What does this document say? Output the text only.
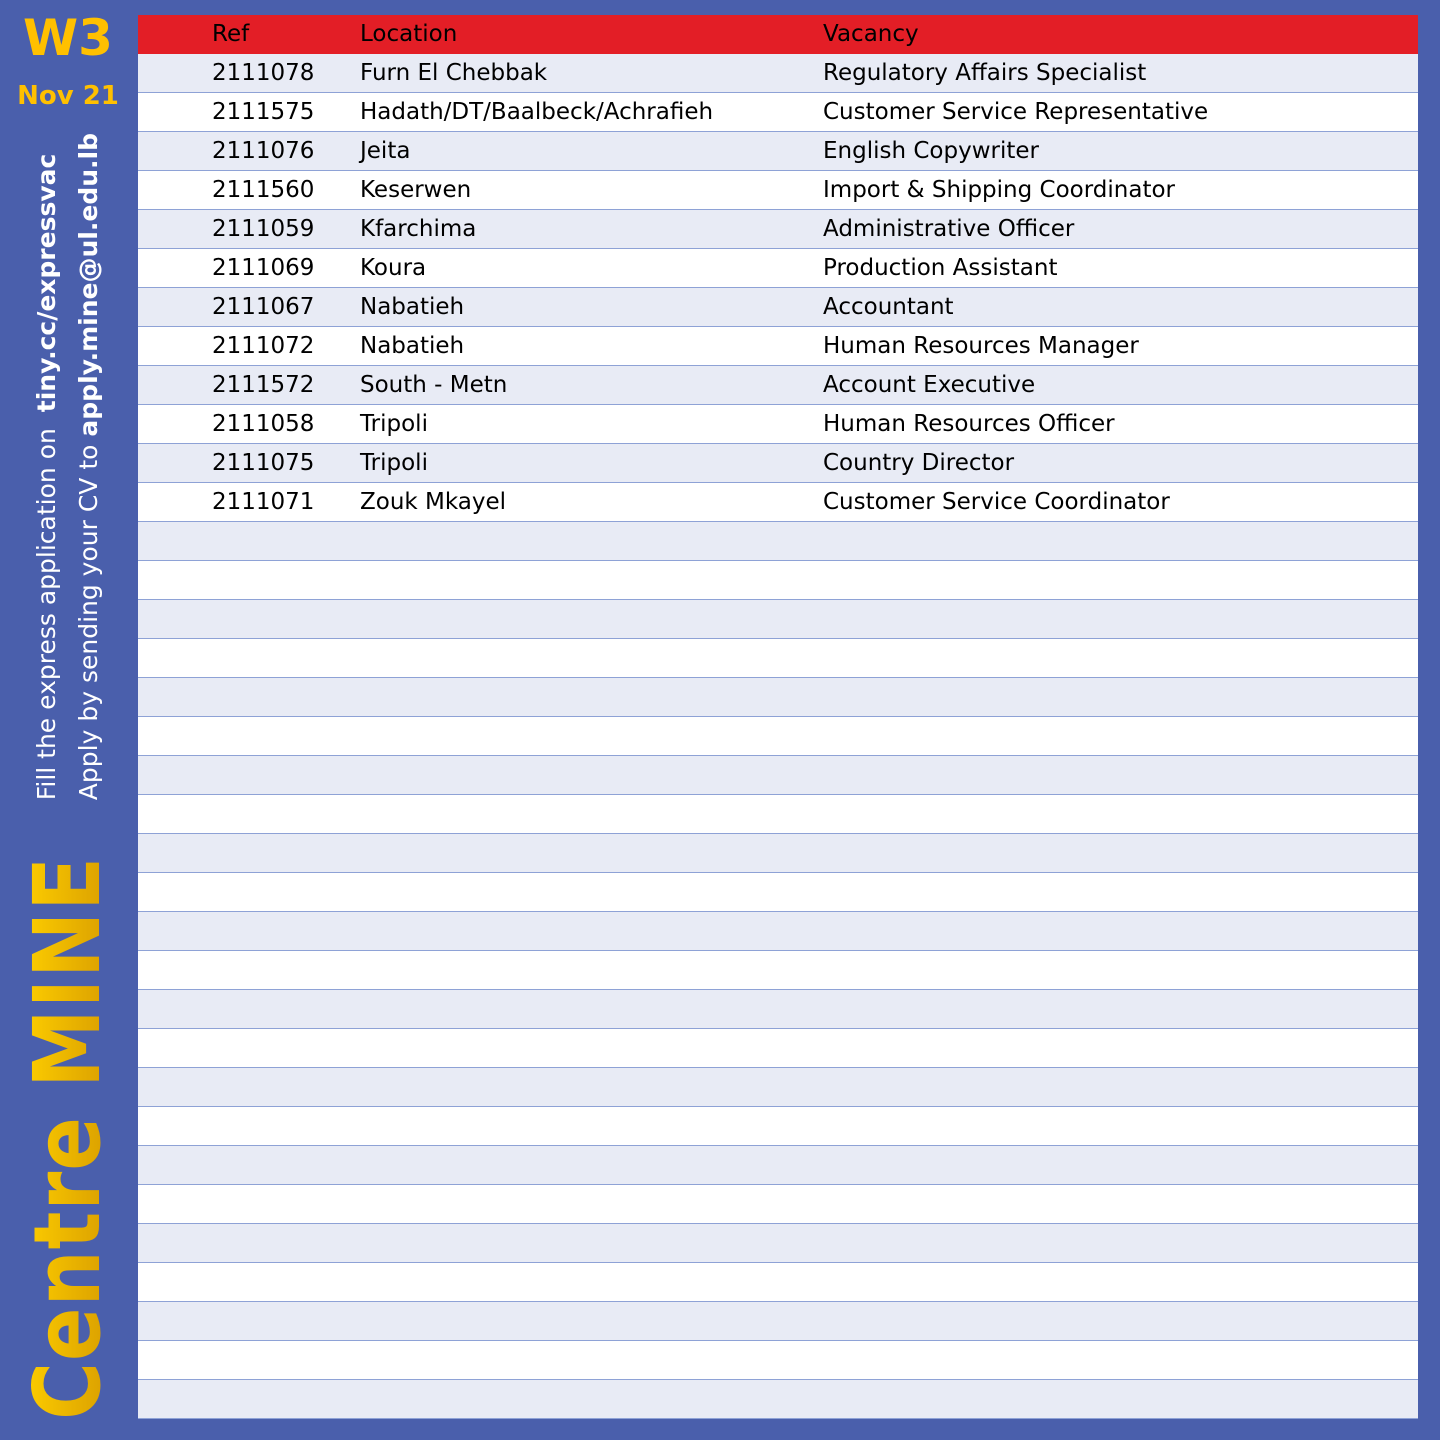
W3
Nov 21
Centre MINE
Fill the express application on  tiny.cc/expressvac
Apply by sending your CV to apply.mine@ul.edu.lb
Ref	Location	Vacancy
2111078	Furn El Chebbak	Regulatory Affairs Specialist
2111575	Hadath/DT/Baalbeck/Achrafieh	Customer Service Representative
2111076	Jeita	English Copywriter
2111560	Keserwen	Import & Shipping Coordinator
2111059	Kfarchima	Administrative Officer
2111069	Koura	Production Assistant
2111067	Nabatieh	Accountant
2111072	Nabatieh	Human Resources Manager
2111572	South - Metn	Account Executive
2111058	Tripoli	Human Resources Officer
2111075	Tripoli	Country Director
2111071	Zouk Mkayel	Customer Service Coordinator
